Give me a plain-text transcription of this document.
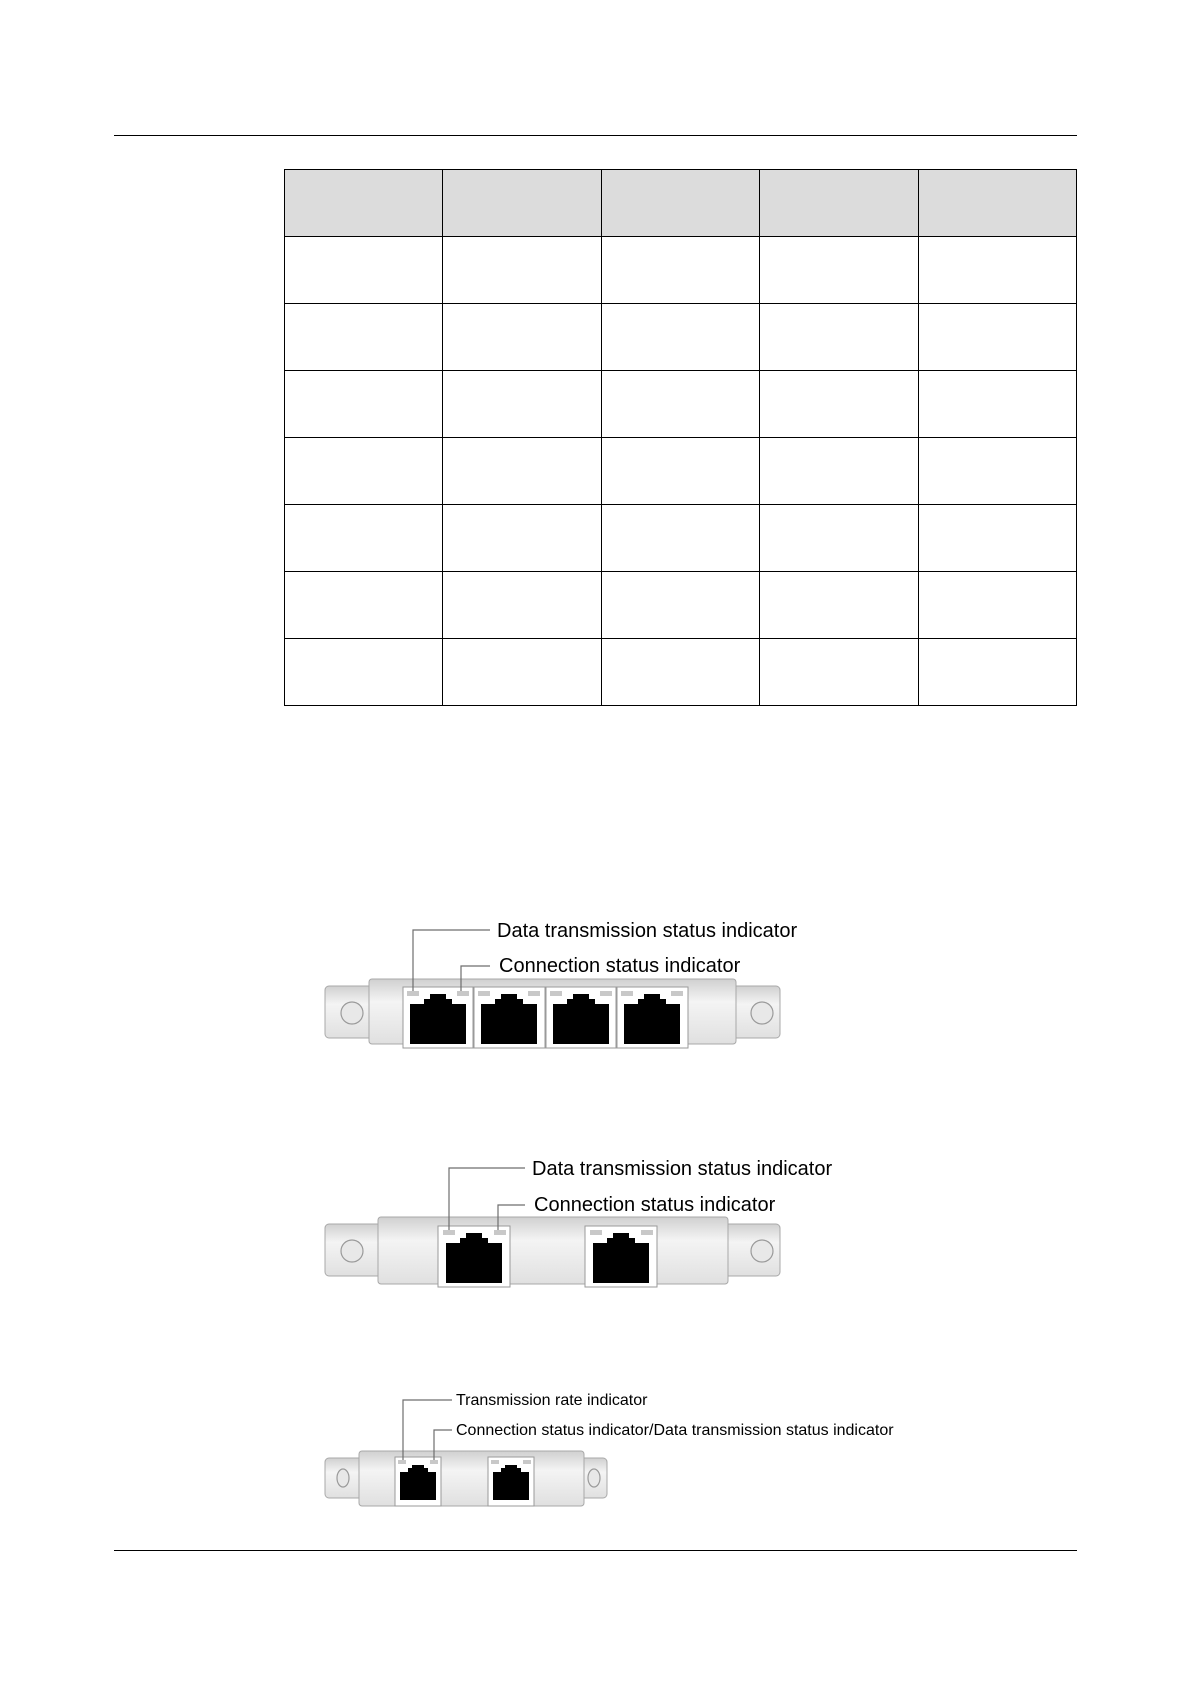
Data transmission status indicator
Connection status indicator
Data transmission status indicator
Connection status indicator
Transmission rate indicator
Connection status indicator/Data transmission status indicator
